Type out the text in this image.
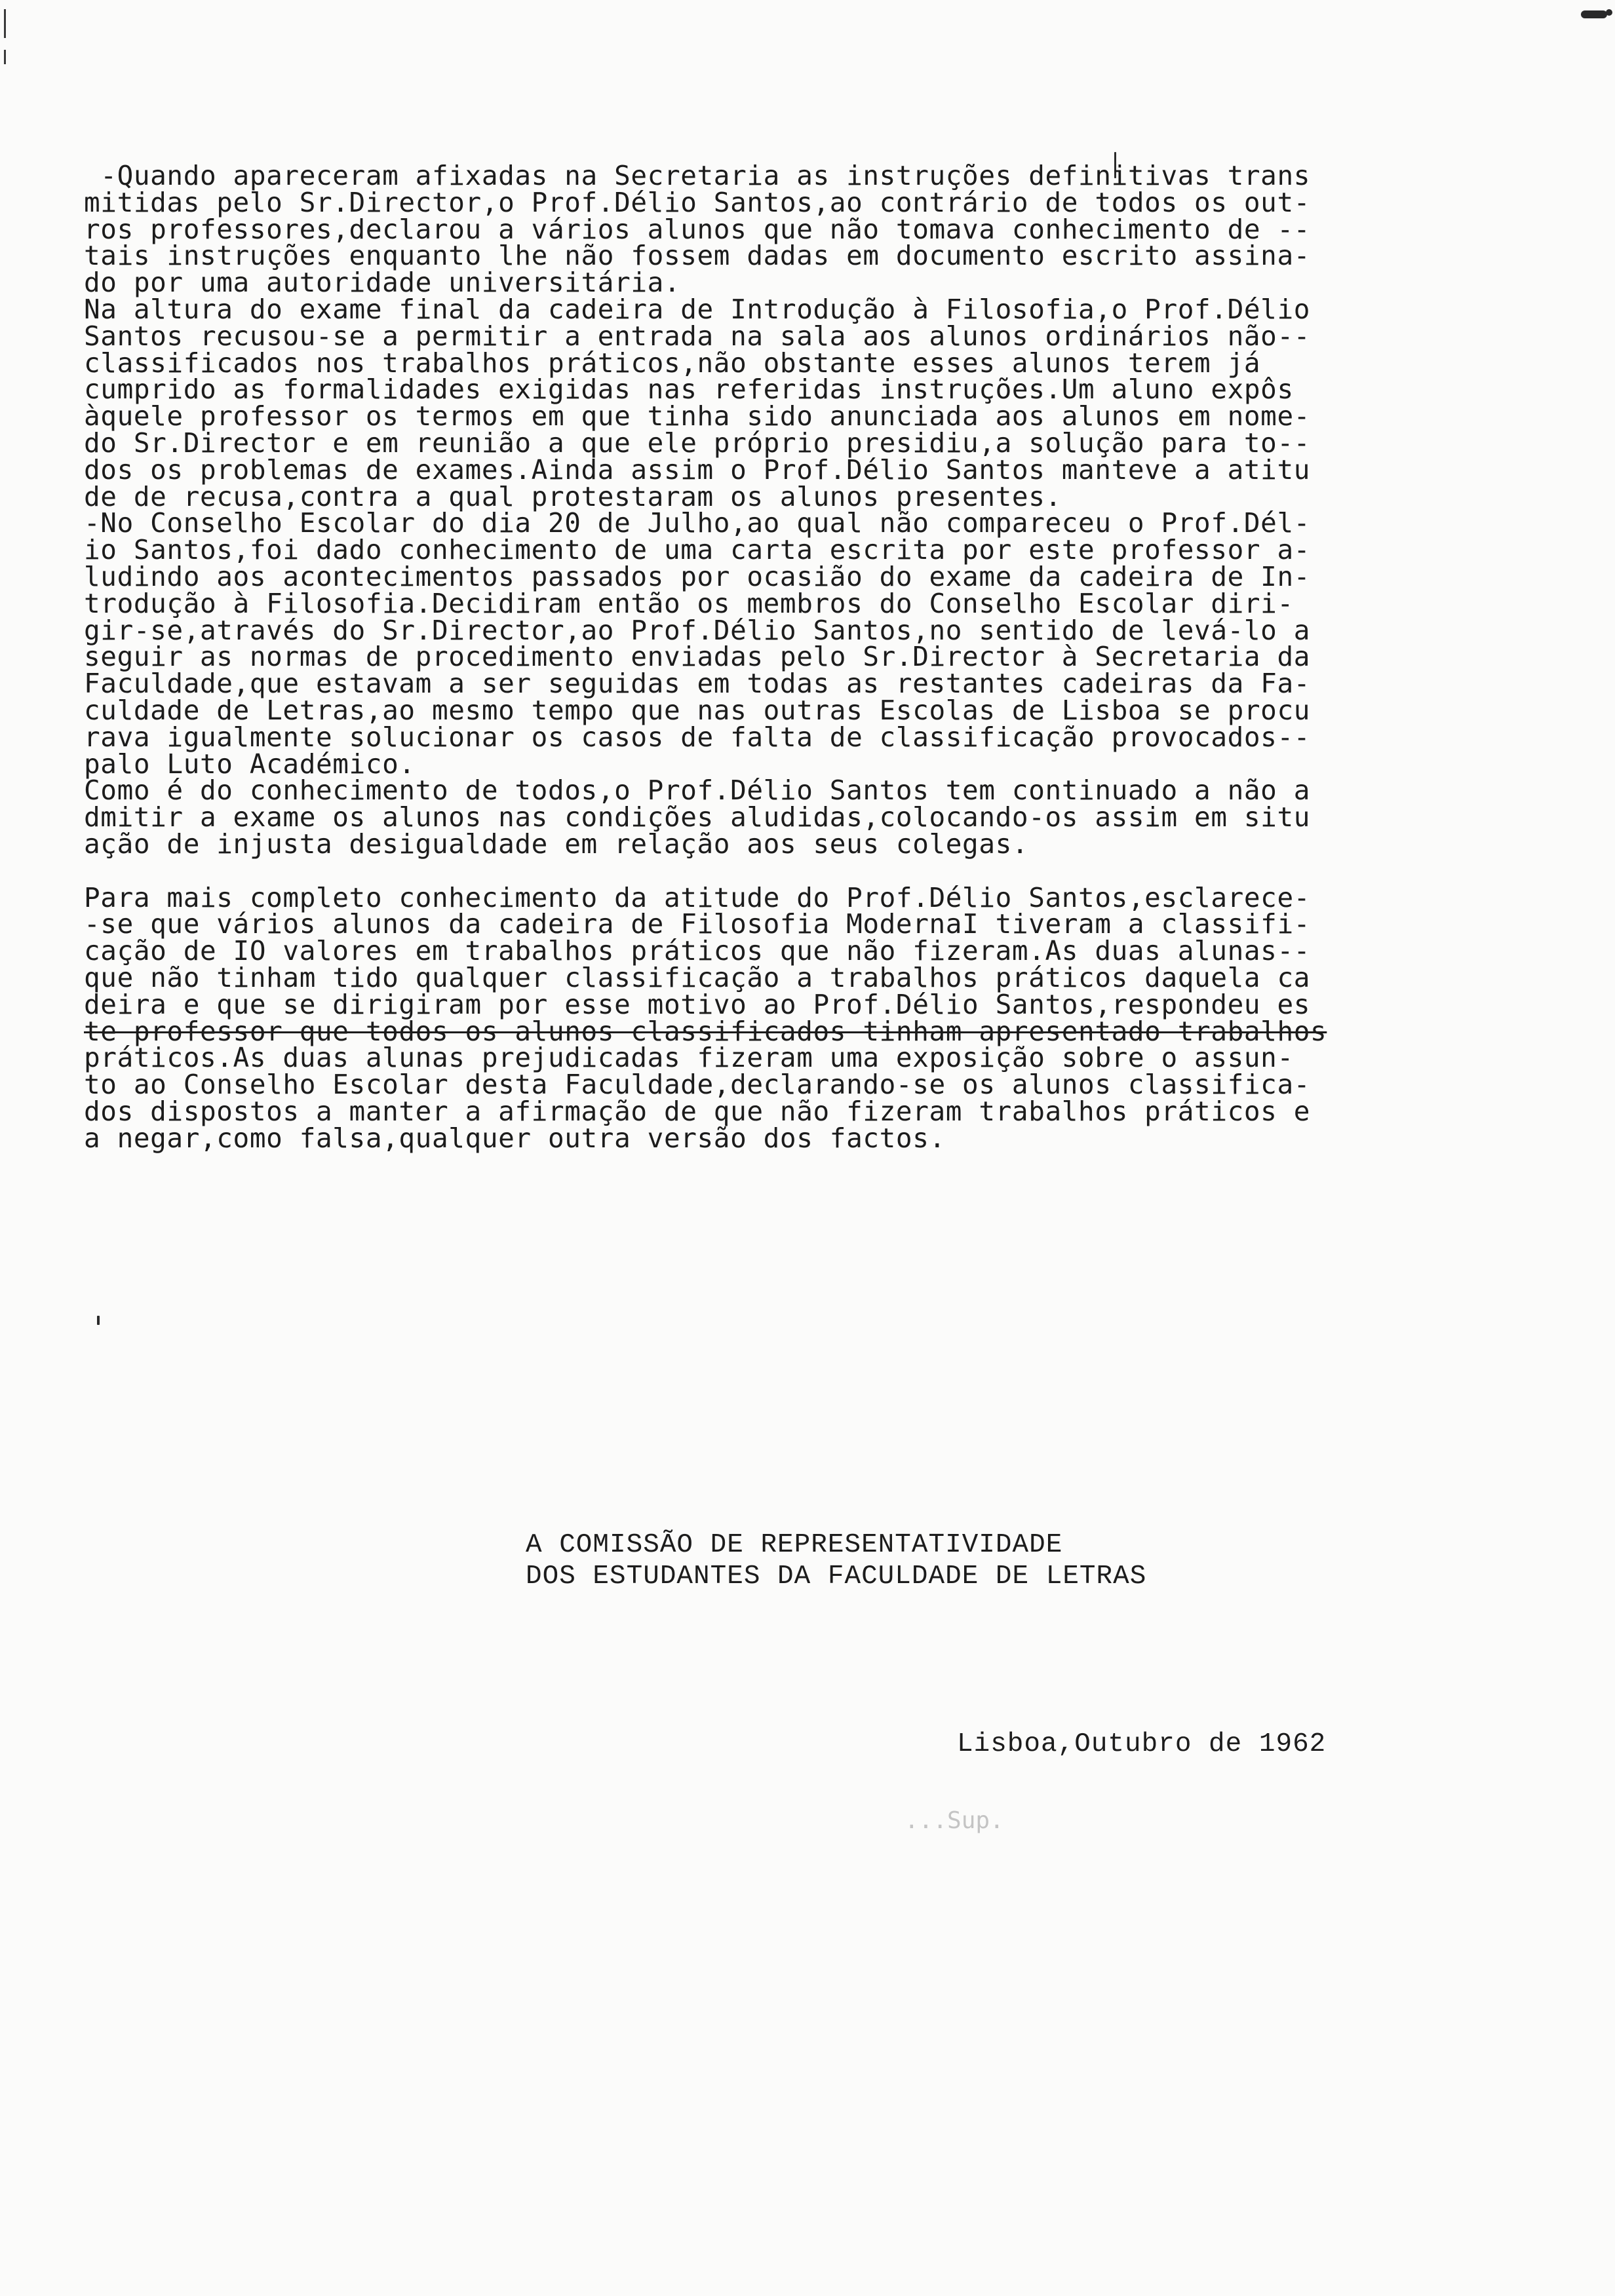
-Quando apareceram afixadas na Secretaria as instruções definitivas trans
mitidas pelo Sr.Director,o Prof.Délio Santos,ao contrário de todos os out-
ros professores,declarou a vários alunos que não tomava conhecimento de --
tais instruções enquanto lhe não fossem dadas em documento escrito assina-
do por uma autoridade universitária.
Na altura do exame final da cadeira de Introdução à Filosofia,o Prof.Délio
Santos recusou-se a permitir a entrada na sala aos alunos ordinários não--
classificados nos trabalhos práticos,não obstante esses alunos terem já
cumprido as formalidades exigidas nas referidas instruções.Um aluno expôs
àquele professor os termos em que tinha sido anunciada aos alunos em nome-
do Sr.Director e em reunião a que ele próprio presidiu,a solução para to--
dos os problemas de exames.Ainda assim o Prof.Délio Santos manteve a atitu
de de recusa,contra a qual protestaram os alunos presentes.
-No Conselho Escolar do dia 20 de Julho,ao qual não compareceu o Prof.Dél-
io Santos,foi dado conhecimento de uma carta escrita por este professor a-
ludindo aos acontecimentos passados por ocasião do exame da cadeira de In-
trodução à Filosofia.Decidiram então os membros do Conselho Escolar diri-
gir-se,através do Sr.Director,ao Prof.Délio Santos,no sentido de levá-lo a
seguir as normas de procedimento enviadas pelo Sr.Director à Secretaria da
Faculdade,que estavam a ser seguidas em todas as restantes cadeiras da Fa-
culdade de Letras,ao mesmo tempo que nas outras Escolas de Lisboa se procu
rava igualmente solucionar os casos de falta de classificação provocados--
palo Luto Académico.
Como é do conhecimento de todos,o Prof.Délio Santos tem continuado a não a
dmitir a exame os alunos nas condições aludidas,colocando-os assim em situ
ação de injusta desigualdade em relação aos seus colegas.
Para mais completo conhecimento da atitude do Prof.Délio Santos,esclarece-
-se que vários alunos da cadeira de Filosofia ModernaI tiveram a classifi-
cação de IO valores em trabalhos práticos que não fizeram.As duas alunas--
que não tinham tido qualquer classificação a trabalhos práticos daquela ca
deira e que se dirigiram por esse motivo ao Prof.Délio Santos,respondeu es
te professor que todos os alunos classificados tinham apresentado trabalhos
práticos.As duas alunas prejudicadas fizeram uma exposição sobre o assun-
to ao Conselho Escolar desta Faculdade,declarando-se os alunos classifica-
dos dispostos a manter a afirmação de que não fizeram trabalhos práticos e
a negar,como falsa,qualquer outra versão dos factos.
A COMISSÃO DE REPRESENTATIVIDADE
DOS ESTUDANTES DA FACULDADE DE LETRAS
Lisboa,Outubro de 1962
...Sup.
